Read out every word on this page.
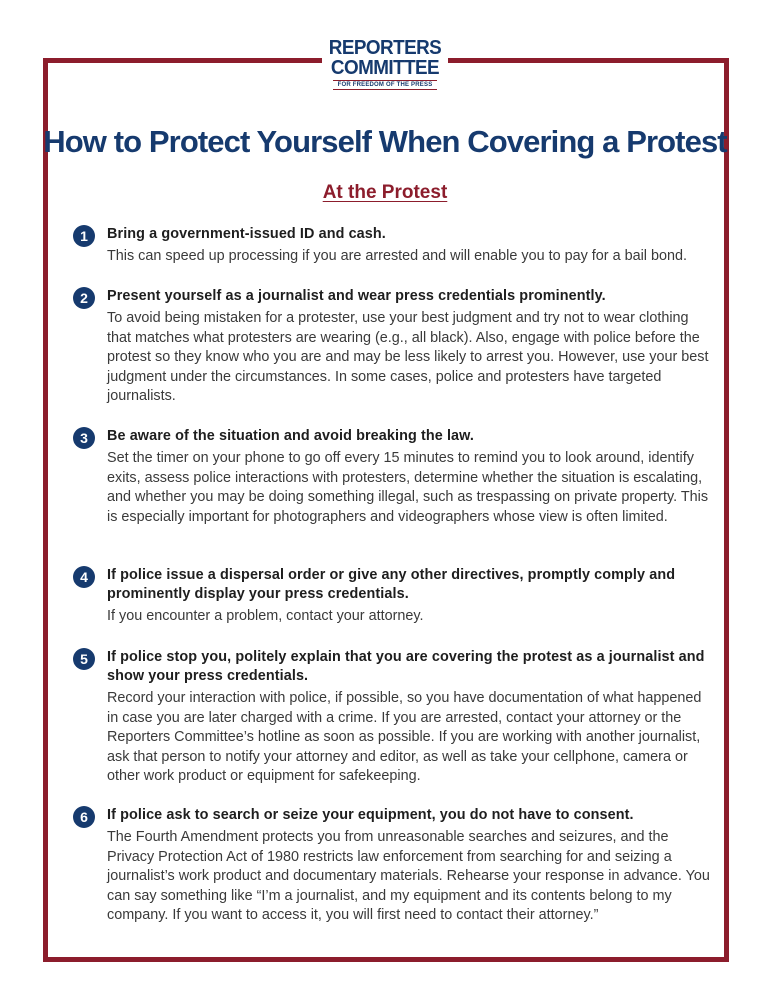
REPORTERS
COMMITTEE
FOR FREEDOM OF THE PRESS
How to Protect Yourself When Covering a Protest
At the Protest
1	Bring a government-issued ID and cash.
This can speed up processing if you are arrested and will enable you to pay for a bail bond.
2	Present yourself as a journalist and wear press credentials prominently.
To avoid being mistaken for a protester, use your best judgment and try not to wear clothing that matches what protesters are wearing (e.g., all black). Also, engage with police before the protest so they know who you are and may be less likely to arrest you. However, use your best judgment under the circumstances. In some cases, police and protesters have targeted journalists.
3	Be aware of the situation and avoid breaking the law.
Set the timer on your phone to go off every 15 minutes to remind you to look around, identify exits, assess police interactions with protesters, determine whether the situation is escalating, and whether you may be doing something illegal, such as trespassing on private property. This is especially important for photographers and videographers whose view is often limited.
4	If police issue a dispersal order or give any other directives, promptly comply and prominently display your press credentials.
If you encounter a problem, contact your attorney.
5	If police stop you, politely explain that you are covering the protest as a journalist and show your press credentials.
Record your interaction with police, if possible, so you have documentation of what happened in case you are later charged with a crime. If you are arrested, contact your attorney or the Reporters Committee’s hotline as soon as possible. If you are working with another journalist, ask that person to notify your attorney and editor, as well as take your cellphone, camera or other work product or equipment for safekeeping.
6	If police ask to search or seize your equipment, you do not have to consent.
The Fourth Amendment protects you from unreasonable searches and seizures, and the Privacy Protection Act of 1980 restricts law enforcement from searching for and seizing a journalist’s work product and documentary materials. Rehearse your response in advance. You can say something like “I’m a journalist, and my equipment and its contents belong to my company. If you want to access it, you will first need to contact their attorney.”
